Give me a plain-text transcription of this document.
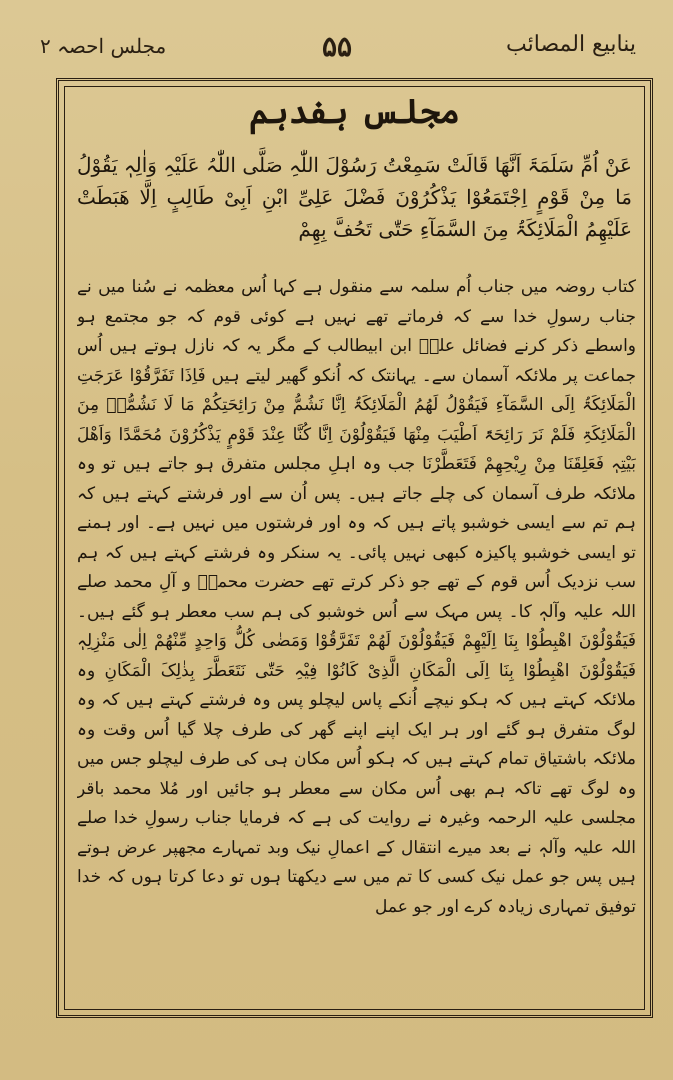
ینابیع المصائب
۵۵
مجلس احصہ ۲
مجلس ہفدہم
عَنْ اُمِّ سَلَمَۃَ اَنَّھَا قَالَتْ سَمِعْتُ رَسُوْلَ اللّٰہِ صَلَّی اللّٰہُ عَلَیْہِ وَاٰلِہٖ یَقُوْلُ مَا مِنْ قَوْمٍ اِجْتَمَعُوْا یَذْکُرُوْنَ فَضْلَ عَلِیِّ ابْنِ اَبِیْ طَالِبٍ اِلَّا ھَبَطَتْ عَلَیْھِمُ الْمَلَائِکَۃُ مِنَ السَّمَآءِ حَتّٰی تَحُفَّ بِھِمْ

کتاب روضہ میں جناب اُم سلمہ سے منقول ہے کہا اُس معظمہ نے سُنا میں نے جناب رسولِ خدا سے کہ فرماتے تھے نہیں ہے کوئی قوم کہ جو مجتمع ہو واسطے ذکر کرنے فضائل علیؑ ابن ابیطالب کے مگر یہ کہ نازل ہوتے ہیں اُس جماعت پر ملائکہ آسمان سے۔ یہانتک کہ اُنکو گھیر لیتے ہیں فَاِذَا تَفَرَّقُوْا عَرَجَتِ الْمَلَائِکَۃُ اِلَی السَّمَآءِ فَیَقُوْلُ لَھُمُ الْمَلَائِکَۃُ اِنَّا نَشُمُّ مِنْ رَائِحَتِکُمْ مَا لَا نَشُمُّہٗ مِنَ الْمَلَائِکَۃِ فَلَمْ نَرَ رَائِحَۃً اَطْیَبَ مِنْھَا فَیَقُوْلُوْنَ اِنَّا کُنَّا عِنْدَ قَوْمٍ یَذْکُرُوْنَ مُحَمَّدًا وَاَھْلَ بَیْتِہٖ فَعَلِقَنَا مِنْ رِیْحِھِمْ فَتَعَطَّرْنَا جب وہ اہلِ مجلس متفرق ہو جاتے ہیں تو وہ ملائکہ طرف آسمان کی چلے جاتے ہیں۔ پس اُن سے اور فرشتے کہتے ہیں کہ ہم تم سے ایسی خوشبو پاتے ہیں کہ وہ اور فرشتوں میں نہیں ہے۔ اور ہمنے تو ایسی خوشبو پاکیزہ کبھی نہیں پائی۔ یہ سنکر وہ فرشتے کہتے ہیں کہ ہم سب نزدیک اُس قوم کے تھے جو ذکر کرتے تھے حضرت محمدؐ و آلِ محمد صلے اللہ علیہ وآلہٖ کا۔ پس مہک سے اُس خوشبو کی ہم سب معطر ہو گئے ہیں۔ فَیَقُوْلُوْنَ اھْبِطُوْا بِنَا اِلَیْھِمْ فَیَقُوْلُوْنَ لَھُمْ تَفَرَّقُوْا وَمَضٰی کُلُّ وَاحِدٍ مِّنْھُمْ اِلٰی مَنْزِلِہٖ فَیَقُوْلُوْنَ اھْبِطُوْا بِنَا اِلَی الْمَکَانِ الَّذِیْ کَانُوْا فِیْہِ حَتّٰی نَتَعَطَّرَ بِذٰلِکَ الْمَکَانِ وہ ملائکہ کہتے ہیں کہ ہکو نیچے اُنکے پاس لیچلو پس وہ فرشتے کہتے ہیں کہ وہ لوگ متفرق ہو گئے اور ہر ایک اپنے اپنے گھر کی طرف چلا گیا اُس وقت وہ ملائکہ باشتیاق تمام کہتے ہیں کہ ہکو اُس مکان ہی کی طرف لیچلو جس میں وہ لوگ تھے تاکہ ہم بھی اُس مکان سے معطر ہو جائیں اور مُلا محمد باقر مجلسی علیہ الرحمہ وغیرہ نے روایت کی ہے کہ فرمایا جناب رسولِ خدا صلے اللہ علیہ وآلہٖ نے بعد میرے انتقال کے اعمالِ نیک وبد تمہارے مجھپر عرض ہوتے ہیں پس جو عمل نیک کسی کا تم میں سے دیکھتا ہوں تو دعا کرتا ہوں کہ خدا توفیق تمہاری زیادہ کرے اور جو عمل
